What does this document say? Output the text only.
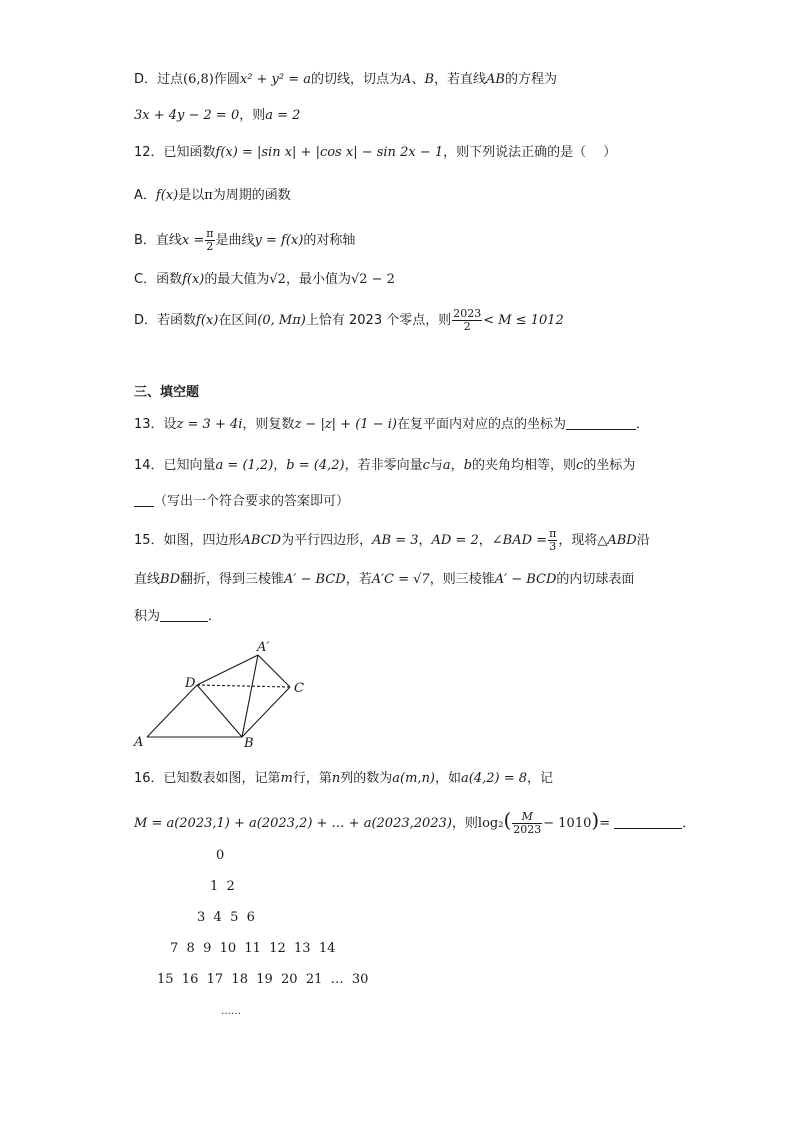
D．过点(6,8)作圆x² + y² = a的切线，切点为A、B，若直线AB的方程为
3x + 4y − 2 = 0，则a = 2
12．已知函数f(x) = |sin x| + |cos x| − sin 2x − 1，则下列说法正确的是（　 ）
A．f(x)是以π为周期的函数
B．直线$x = \frac{\pi}{2}$ 是曲线y = f(x)的对称轴
C．函数f(x)的最大值为√2，最小值为√2 − 2
D．若函数f(x)在区间(0, Mπ)上恰有 2023 个零点，则 $\frac{2023}{2} < M \le 1012$
三、填空题
13．设z = 3 + 4i，则复数z − |z| + (1 − i)在复平面内对应的点的坐标为	．
14．已知向量a = (1,2)，b = (4,2)，若非零向量c与a，b的夹角均相等，则c的坐标为
（写出一个符合要求的答案即可）
15．如图，四边形ABCD为平行四边形，AB = 3，AD = 2，∠BAD = $\frac{\pi}{3}$ ，现将△ABD沿
直线BD翻折，得到三棱锥A′ − BCD，若A′C = √7，则三棱锥A′ − BCD的内切球表面
积为	．
A	B
C
D
A′
16．已知数表如图，记第m行，第n列的数为a(m,n)，如a(4,2) = 8，记
M = a(2023,1) + a(2023,2) + … + a(2023,2023)，则$\log_2( \frac{M}{2023} - 1010)=$	．
0
1  2
3  4  5  6
7  8  9  10  11  12  13  14
15  16  17  18  19  20  21  …  30
……
